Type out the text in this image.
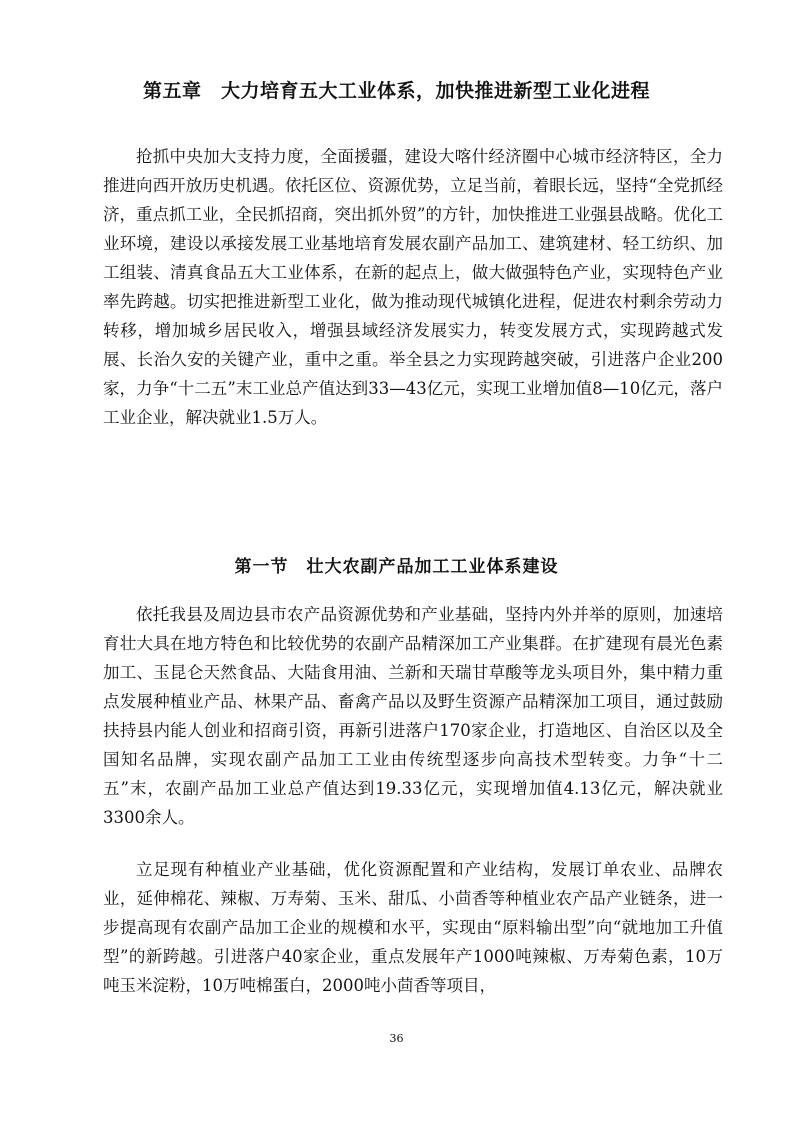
第五章　大力培育五大工业体系，加快推进新型工业化进程

抢抓中央加大支持力度，全面援疆，建设大喀什经济圈中心城市经济特区，全力推进向西开放历史机遇。依托区位、资源优势，立足当前，着眼长远，坚持“全党抓经济，重点抓工业，全民抓招商，突出抓外贸”的方针，加快推进工业强县战略。优化工业环境，建设以承接发展工业基地培育发展农副产品加工、建筑建材、轻工纺织、加工组装、清真食品五大工业体系，在新的起点上，做大做强特色产业，实现特色产业率先跨越。切实把推进新型工业化，做为推动现代城镇化进程，促进农村剩余劳动力转移，增加城乡居民收入，增强县域经济发展实力，转变发展方式，实现跨越式发展、长治久安的关键产业，重中之重。举全县之力实现跨越突破，引进落户企业200家，力争“十二五”末工业总产值达到33—43亿元，实现工业增加值8—10亿元，落户工业企业，解决就业1.5万人。

第一节　壮大农副产品加工工业体系建设

依托我县及周边县市农产品资源优势和产业基础，坚持内外并举的原则，加速培育壮大具在地方特色和比较优势的农副产品精深加工产业集群。在扩建现有晨光色素加工、玉昆仑天然食品、大陆食用油、兰新和天瑞甘草酸等龙头项目外，集中精力重点发展种植业产品、林果产品、畜禽产品以及野生资源产品精深加工项目，通过鼓励扶持县内能人创业和招商引资，再新引进落户170家企业，打造地区、自治区以及全国知名品牌，实现农副产品加工工业由传统型逐步向高技术型转变。力争“十二五”末，农副产品加工业总产值达到19.33亿元，实现增加值4.13亿元，解决就业3300余人。

立足现有种植业产业基础，优化资源配置和产业结构，发展订单农业、品牌农业，延伸棉花、辣椒、万寿菊、玉米、甜瓜、小茴香等种植业农产品产业链条，进一步提高现有农副产品加工企业的规模和水平，实现由“原料输出型”向“就地加工升值型”的新跨越。引进落户40家企业，重点发展年产1000吨辣椒、万寿菊色素，10万吨玉米淀粉，10万吨棉蛋白，2000吨小茴香等项目，

36
